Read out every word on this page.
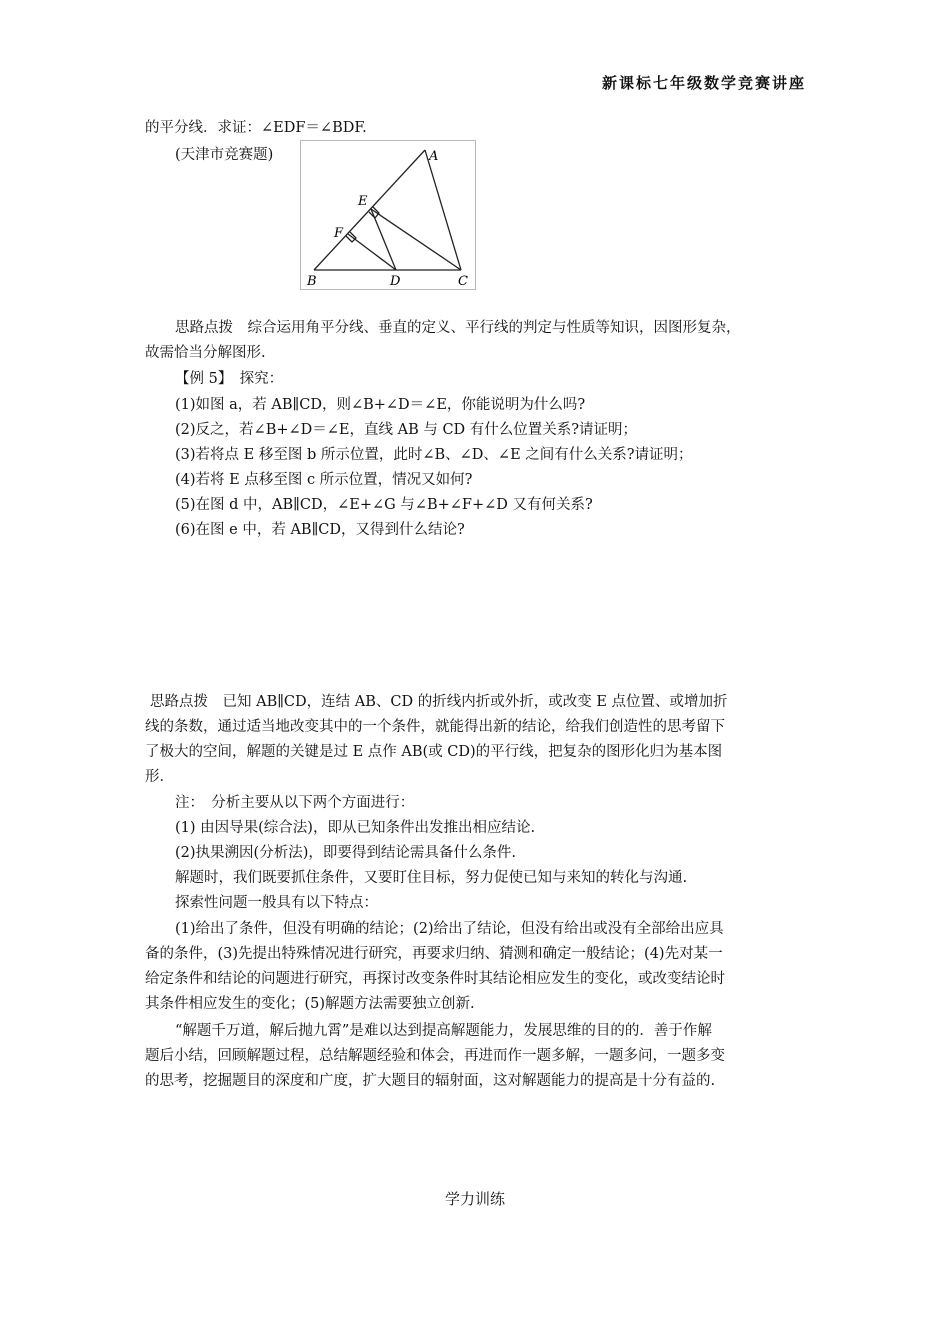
新课标七年级数学竞赛讲座
的平分线．求证：∠EDF＝∠BDF.
(天津市竞赛题)	A
E
F
B	D	C
思路点拨　综合运用角平分线、垂直的定义、平行线的判定与性质等知识，因图形复杂，
故需恰当分解图形.
【例 5】　探究：
(1)如图 a，若 AB∥CD，则∠B+∠D＝∠E，你能说明为什么吗?
(2)反之，若∠B+∠D＝∠E，直线 AB 与 CD 有什么位置关系?请证明；
(3)若将点 E 移至图 b 所示位置，此时∠B、∠D、∠E 之间有什么关系?请证明；
(4)若将 E 点移至图 c 所示位置，情况又如何?
(5)在图 d 中，AB∥CD，∠E+∠G 与∠B+∠F+∠D 又有何关系?
(6)在图 e 中，若 AB∥CD，又得到什么结论?
思路点拨　已知 AB∥CD，连结 AB、CD 的折线内折或外折，或改变 E 点位置、或增加折
线的条数，通过适当地改变其中的一个条件，就能得出新的结论，给我们创造性的思考留下
了极大的空间，解题的关键是过 E 点作 AB(或 CD)的平行线，把复杂的图形化归为基本图
形．
注：　分析主要从以下两个方面进行：
(1) 由因导果(综合法)，即从已知条件出发推出相应结论.
(2)执果溯因(分析法)，即要得到结论需具备什么条件.
解题时，我们既要抓住条件，又要盯住目标，努力促使已知与来知的转化与沟通.
探索性问题一般具有以下特点：
(1)给出了条件，但没有明确的结论；(2)给出了结论，但没有给出或没有全部给出应具
备的条件，(3)先提出特殊情况进行研究，再要求归纳、猜测和确定一般结论；(4)先对某一
给定条件和结论的问题进行研究，再探讨改变条件时其结论相应发生的变化，或改变结论时
其条件相应发生的变化；(5)解题方法需要独立创新.
“解题千万道，解后抛九霄”是难以达到提高解题能力，发展思维的目的的．善于作解
题后小结，回顾解题过程，总结解题经验和体会，再进而作一题多解，一题多问，一题多变
的思考，挖掘题目的深度和广度，扩大题目的辐射面，这对解题能力的提高是十分有益的.
学力训练
